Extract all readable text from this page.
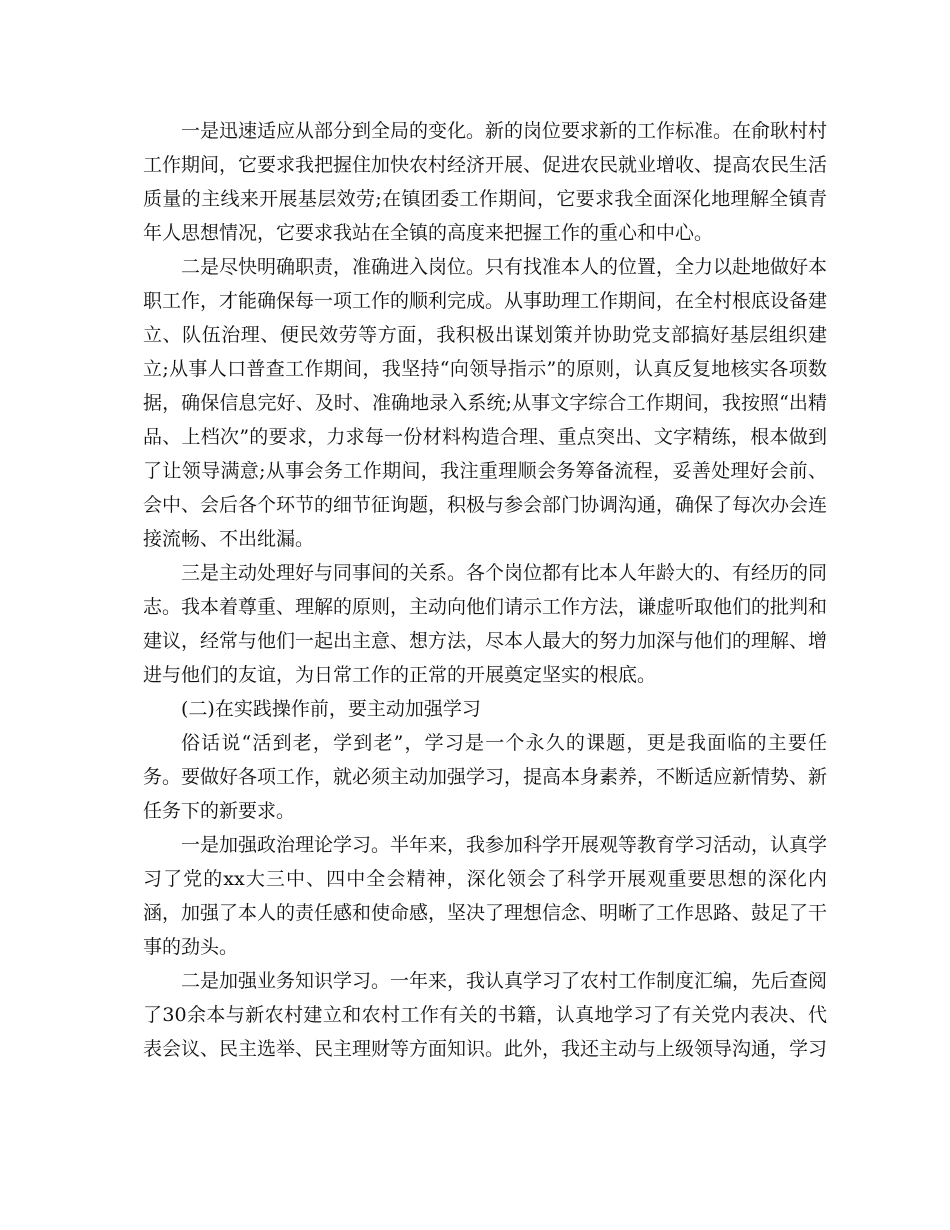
一是迅速适应从部分到全局的变化。新的岗位要求新的工作标准。在俞耿村村工作期间，它要求我把握住加快农村经济开展、促进农民就业增收、提高农民生活质量的主线来开展基层效劳;在镇团委工作期间，它要求我全面深化地理解全镇青年人思想情况，它要求我站在全镇的高度来把握工作的重心和中心。

二是尽快明确职责，准确进入岗位。只有找准本人的位置，全力以赴地做好本职工作，才能确保每一项工作的顺利完成。从事助理工作期间，在全村根底设备建立、队伍治理、便民效劳等方面，我积极出谋划策并协助党支部搞好基层组织建立;从事人口普查工作期间，我坚持“向领导指示”的原则，认真反复地核实各项数据，确保信息完好、及时、准确地录入系统;从事文字综合工作期间，我按照“出精品、上档次”的要求，力求每一份材料构造合理、重点突出、文字精练，根本做到了让领导满意;从事会务工作期间，我注重理顺会务筹备流程，妥善处理好会前、会中、会后各个环节的细节征询题，积极与参会部门协调沟通，确保了每次办会连接流畅、不出纰漏。

三是主动处理好与同事间的关系。各个岗位都有比本人年龄大的、有经历的同志。我本着尊重、理解的原则，主动向他们请示工作方法，谦虚听取他们的批判和建议，经常与他们一起出主意、想方法，尽本人最大的努力加深与他们的理解、增进与他们的友谊，为日常工作的正常的开展奠定坚实的根底。

(二)在实践操作前，要主动加强学习

俗话说“活到老，学到老”，学习是一个永久的课题，更是我面临的主要任务。要做好各项工作，就必须主动加强学习，提高本身素养，不断适应新情势、新任务下的新要求。

一是加强政治理论学习。半年来，我参加科学开展观等教育学习活动，认真学习了党的xx大三中、四中全会精神，深化领会了科学开展观重要思想的深化内涵，加强了本人的责任感和使命感，坚决了理想信念、明晰了工作思路、鼓足了干事的劲头。

二是加强业务知识学习。一年来，我认真学习了农村工作制度汇编，先后查阅了30余本与新农村建立和农村工作有关的书籍，认真地学习了有关党内表决、代表会议、民主选举、民主理财等方面知识。此外，我还主动与上级领导沟通，学习
